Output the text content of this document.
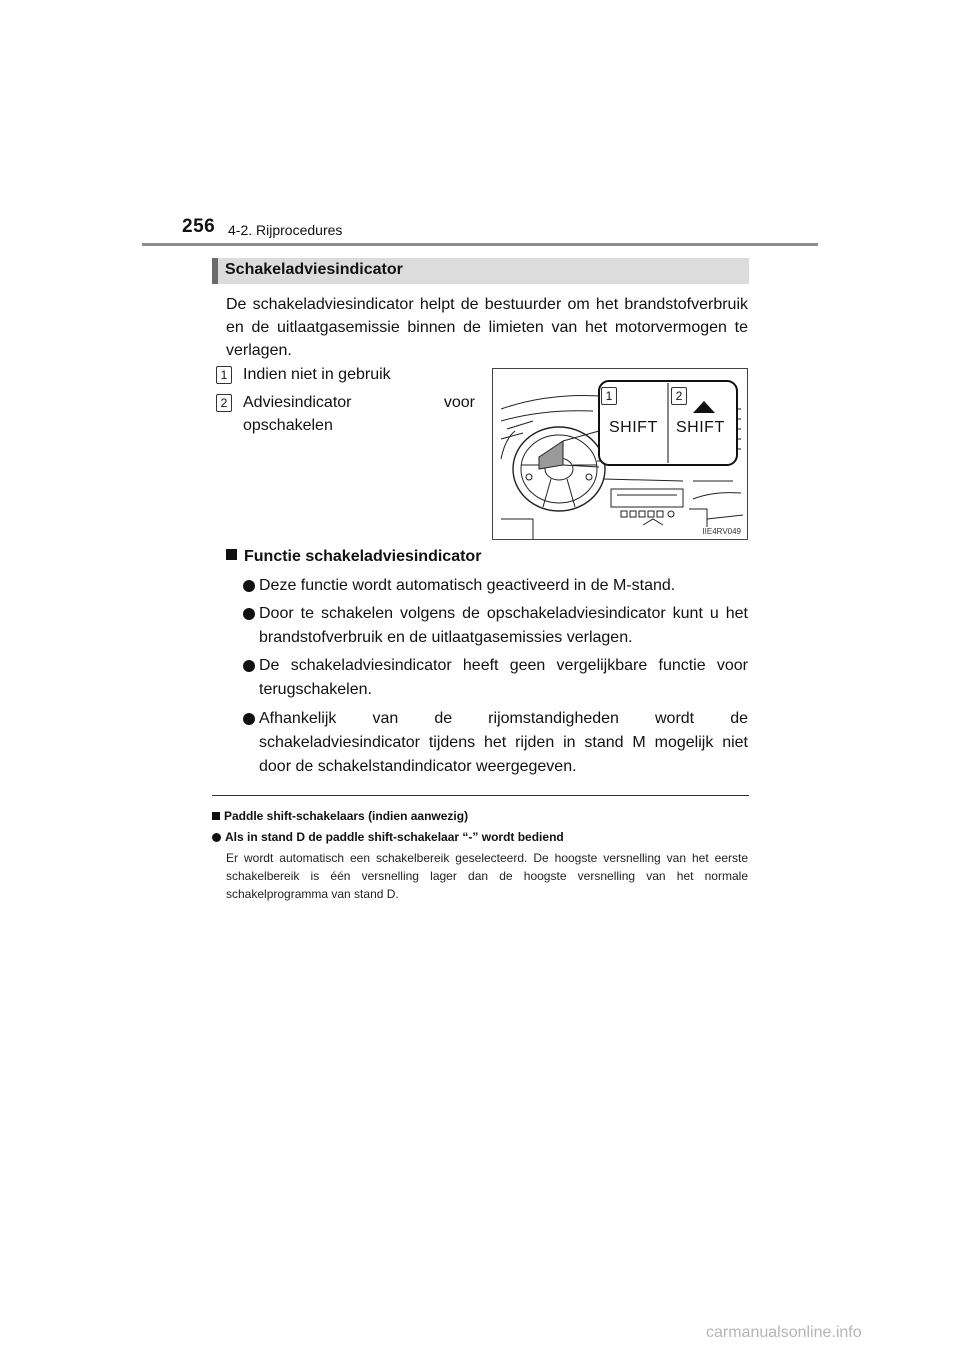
256 4-2. Rijprocedures
Schakeladviesindicator
De schakeladviesindicator helpt de bestuurder om het brandstofverbruik en de uitlaatgasemissie binnen de limieten van het motorvermogen te verlagen.
1 Indien niet in gebruik
2 Adviesindicator voor opschakelen
1	2
SHIFT SHIFT
IIE4RV049
Functie schakeladviesindicator
Deze functie wordt automatisch geactiveerd in de M-stand.
Door te schakelen volgens de opschakeladviesindicator kunt u het brandstofverbruik en de uitlaatgasemissies verlagen.
De schakeladviesindicator heeft geen vergelijkbare functie voor terugschakelen.
Afhankelijk van de rijomstandigheden wordt de schakeladviesindicator tijdens het rijden in stand M mogelijk niet door de schakelstandindicator weergegeven.
Paddle shift-schakelaars (indien aanwezig)
Als in stand D de paddle shift-schakelaar “-” wordt bediend
Er wordt automatisch een schakelbereik geselecteerd. De hoogste versnelling van het eerste schakelbereik is één versnelling lager dan de hoogste versnelling van het normale schakelprogramma van stand D.
carmanualsonline.info
